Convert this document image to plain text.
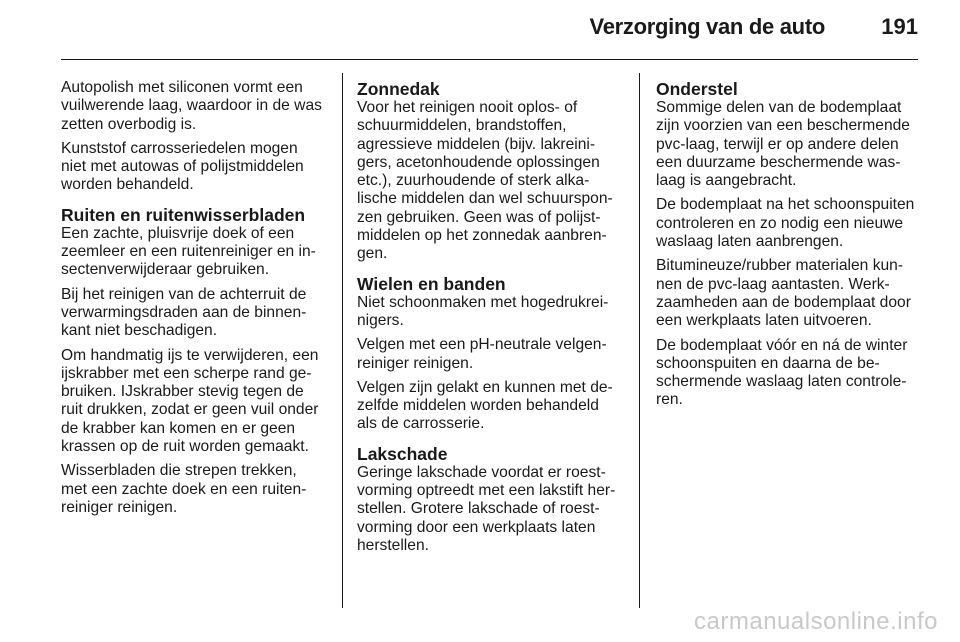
Verzorging van de auto	191

Autopolish met siliconen vormt een vuilwerende laag, waardoor in de was zetten overbodig is.

Kunststof carrosseriedelen mogen niet met autowas of polijstmiddelen worden behandeld.

Ruiten en ruitenwisserbladen

Een zachte, pluisvrije doek of een zeemleer en een ruitenreiniger en in-sectenverwijderaar gebruiken.

Bij het reinigen van de achterruit de verwarmingsdraden aan de binnen-kant niet beschadigen.

Om handmatig ijs te verwijderen, een ijskrabber met een scherpe rand ge-bruiken. IJskrabber stevig tegen de ruit drukken, zodat er geen vuil onder de krabber kan komen en er geen krassen op de ruit worden gemaakt.

Wisserbladen die strepen trekken, met een zachte doek en een ruiten-reiniger reinigen.

Zonnedak

Voor het reinigen nooit oplos- of schuurmiddelen, brandstoffen, agressieve middelen (bijv. lakreini-gers, acetonhoudende oplossingen etc.), zuurhoudende of sterk alka-lische middelen dan wel schuurspon-zen gebruiken. Geen was of polijst-middelen op het zonnedak aanbren-gen.

Wielen en banden

Niet schoonmaken met hogedrukrei-nigers.

Velgen met een pH-neutrale velgen-reiniger reinigen.

Velgen zijn gelakt en kunnen met de-zelfde middelen worden behandeld als de carrosserie.

Lakschade

Geringe lakschade voordat er roest-vorming optreedt met een lakstift her-stellen. Grotere lakschade of roest-vorming door een werkplaats laten herstellen.

Onderstel

Sommige delen van de bodemplaat zijn voorzien van een beschermende pvc-laag, terwijl er op andere delen een duurzame beschermende was-laag is aangebracht.

De bodemplaat na het schoonspuiten controleren en zo nodig een nieuwe waslaag laten aanbrengen.

Bitumineuze/rubber materialen kun-nen de pvc-laag aantasten. Werk-zaamheden aan de bodemplaat door een werkplaats laten uitvoeren.

De bodemplaat vóór en ná de winter schoonspuiten en daarna de be-schermende waslaag laten controle-ren.

carmanualsonline.info
